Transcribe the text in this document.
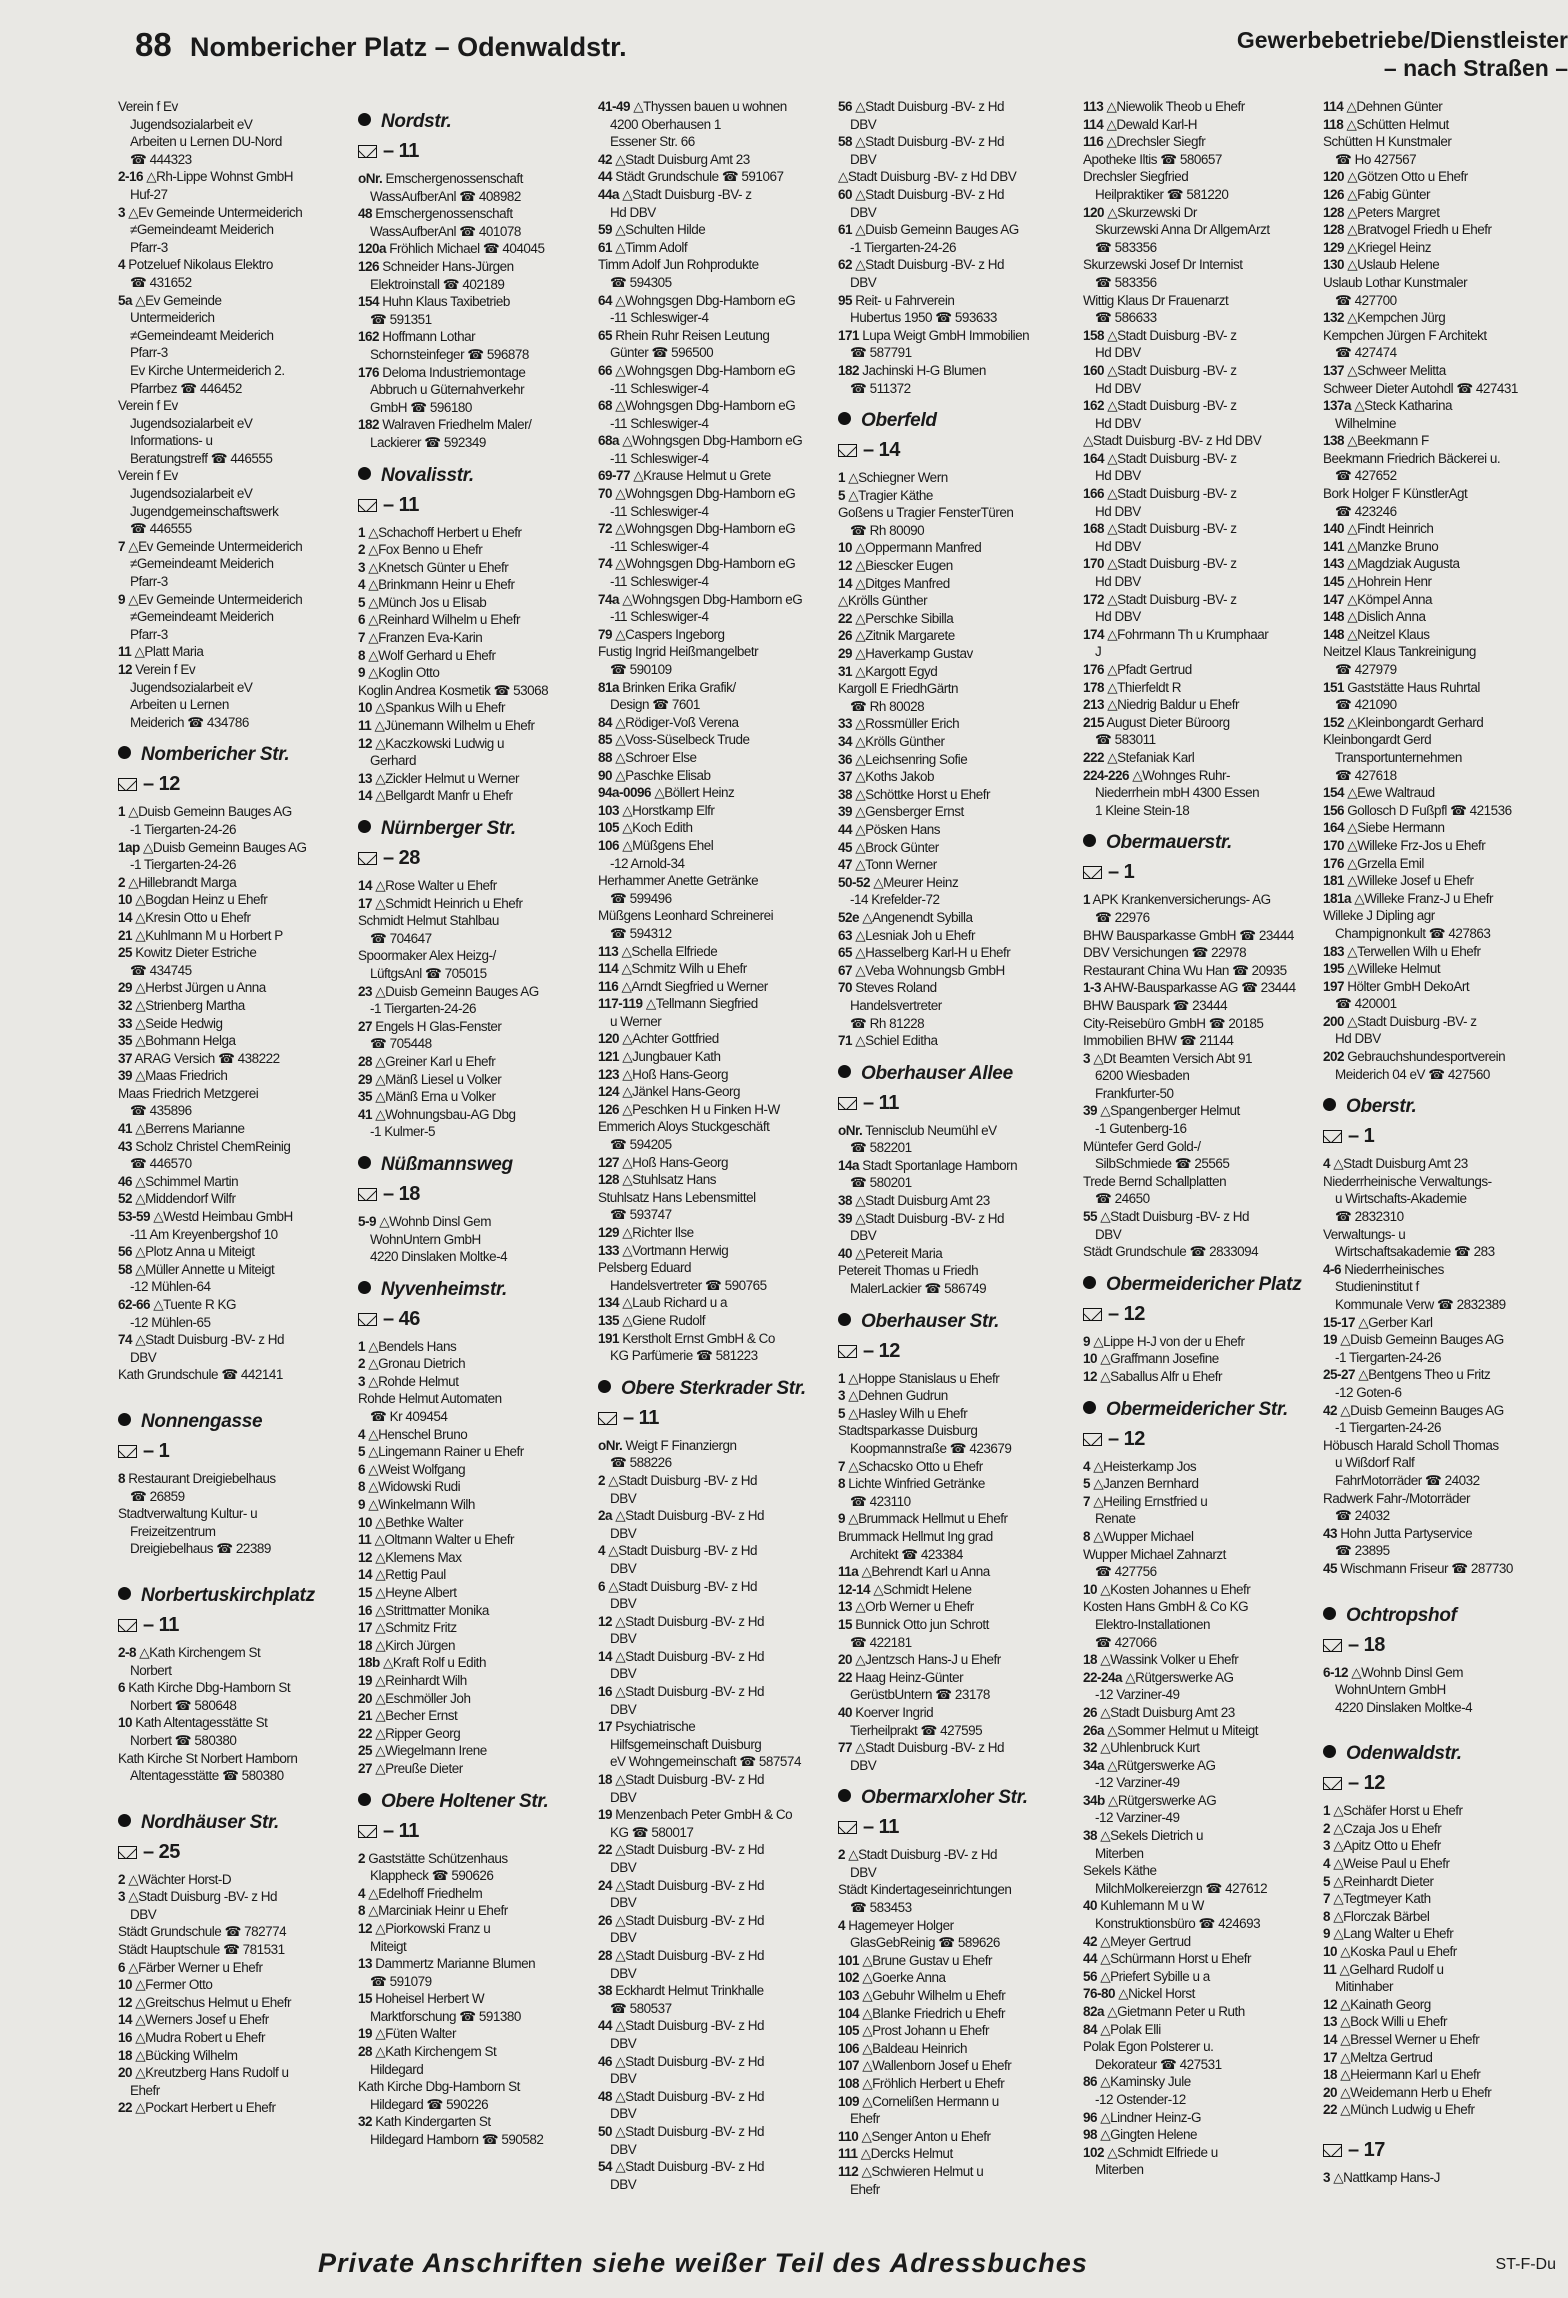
88 Nombericher Platz – Odenwaldstr.	Gewerbebetriebe/Dienstleister
– nach Straßen –
Verein f Ev
Jugendsozialarbeit eV
Arbeiten u Lernen DU-Nord
☎ 444323
2-16 △Rh-Lippe Wohnst GmbH
Huf-27
3 △Ev Gemeinde Untermeiderich
≠Gemeindeamt Meiderich
Pfarr-3
4 Potzeluef Nikolaus Elektro
☎ 431652
5a △Ev Gemeinde
Untermeiderich
≠Gemeindeamt Meiderich
Pfarr-3
Ev Kirche Untermeiderich 2.
Pfarrbez ☎ 446452
Verein f Ev
Jugendsozialarbeit eV
Informations- u
Beratungstreff ☎ 446555
Verein f Ev
Jugendsozialarbeit eV
Jugendgemeinschaftswerk
☎ 446555
7 △Ev Gemeinde Untermeiderich
≠Gemeindeamt Meiderich
Pfarr-3
9 △Ev Gemeinde Untermeiderich
≠Gemeindeamt Meiderich
Pfarr-3
11 △Platt Maria
12 Verein f Ev
Jugendsozialarbeit eV
Arbeiten u Lernen
Meiderich ☎ 434786
Nombericher Str.
– 12
1 △Duisb Gemeinn Bauges AG
-1 Tiergarten-24-26
1ap △Duisb Gemeinn Bauges AG
-1 Tiergarten-24-26
2 △Hillebrandt Marga
10 △Bogdan Heinz u Ehefr
14 △Kresin Otto u Ehefr
21 △Kuhlmann M u Horbert P
25 Kowitz Dieter Estriche
☎ 434745
29 △Herbst Jürgen u Anna
32 △Strienberg Martha
33 △Seide Hedwig
35 △Bohmann Helga
37 ARAG Versich ☎ 438222
39 △Maas Friedrich
Maas Friedrich Metzgerei
☎ 435896
41 △Berrens Marianne
43 Scholz Christel ChemReinig
☎ 446570
46 △Schimmel Martin
52 △Middendorf Wilfr
53-59 △Westd Heimbau GmbH
-11 Am Kreyenbergshof 10
56 △Plotz Anna u Miteigt
58 △Müller Annette u Miteigt
-12 Mühlen-64
62-66 △Tuente R KG
-12 Mühlen-65
74 △Stadt Duisburg -BV- z Hd
DBV
Kath Grundschule ☎ 442141
Nonnengasse
– 1
8 Restaurant Dreigiebelhaus
☎ 26859
Stadtverwaltung Kultur- u
Freizeitzentrum
Dreigiebelhaus ☎ 22389
Norbertuskirchplatz
– 11
2-8 △Kath Kirchengem St
Norbert
6 Kath Kirche Dbg-Hamborn St
Norbert ☎ 580648
10 Kath Altentagesstätte St
Norbert ☎ 580380
Kath Kirche St Norbert Hamborn
Altentagesstätte ☎ 580380
Nordhäuser Str.
– 25
2 △Wächter Horst-D
3 △Stadt Duisburg -BV- z Hd
DBV
Städt Grundschule ☎ 782774
Städt Hauptschule ☎ 781531
6 △Färber Werner u Ehefr
10 △Fermer Otto
12 △Greitschus Helmut u Ehefr
14 △Werners Josef u Ehefr
16 △Mudra Robert u Ehefr
18 △Bücking Wilhelm
20 △Kreutzberg Hans Rudolf u
Ehefr
22 △Pockart Herbert u Ehefr
Nordstr.
– 11
oNr. Emschergenossenschaft
WassAufberAnl ☎ 408982
48 Emschergenossenschaft
WassAufberAnl ☎ 401078
120a Fröhlich Michael ☎ 404045
126 Schneider Hans-Jürgen
Elektroinstall ☎ 402189
154 Huhn Klaus Taxibetrieb
☎ 591351
162 Hoffmann Lothar
Schornsteinfeger ☎ 596878
176 Deloma Industriemontage
Abbruch u Güternahverkehr
GmbH ☎ 596180
182 Walraven Friedhelm Maler/
Lackierer ☎ 592349
Novalisstr.
– 11
1 △Schachoff Herbert u Ehefr
2 △Fox Benno u Ehefr
3 △Knetsch Günter u Ehefr
4 △Brinkmann Heinr u Ehefr
5 △Münch Jos u Elisab
6 △Reinhard Wilhelm u Ehefr
7 △Franzen Eva-Karin
8 △Wolf Gerhard u Ehefr
9 △Koglin Otto
Koglin Andrea Kosmetik ☎ 53068
10 △Spankus Wilh u Ehefr
11 △Jünemann Wilhelm u Ehefr
12 △Kaczkowski Ludwig u
Gerhard
13 △Zickler Helmut u Werner
14 △Bellgardt Manfr u Ehefr
Nürnberger Str.
– 28
14 △Rose Walter u Ehefr
17 △Schmidt Heinrich u Ehefr
Schmidt Helmut Stahlbau
☎ 704647
Spoormaker Alex Heizg-/
LüftgsAnl ☎ 705015
23 △Duisb Gemeinn Bauges AG
-1 Tiergarten-24-26
27 Engels H Glas-Fenster
☎ 705448
28 △Greiner Karl u Ehefr
29 △Mänß Liesel u Volker
35 △Mänß Erna u Volker
41 △Wohnungsbau-AG Dbg
-1 Kulmer-5
Nüßmannsweg
– 18
5-9 △Wohnb Dinsl Gem
WohnUntern GmbH
4220 Dinslaken Moltke-4
Nyvenheimstr.
– 46
1 △Bendels Hans
2 △Gronau Dietrich
3 △Rohde Helmut
Rohde Helmut Automaten
☎ Kr 409454
4 △Henschel Bruno
5 △Lingemann Rainer u Ehefr
6 △Weist Wolfgang
8 △Widowski Rudi
9 △Winkelmann Wilh
10 △Bethke Walter
11 △Oltmann Walter u Ehefr
12 △Klemens Max
14 △Rettig Paul
15 △Heyne Albert
16 △Strittmatter Monika
17 △Schmitz Fritz
18 △Kirch Jürgen
18b △Kraft Rolf u Edith
19 △Reinhardt Wilh
20 △Eschmöller Joh
21 △Becher Ernst
22 △Ripper Georg
25 △Wiegelmann Irene
27 △Preuße Dieter
Obere Holtener Str.
– 11
2 Gaststätte Schützenhaus
Klappheck ☎ 590626
4 △Edelhoff Friedhelm
8 △Marciniak Heinr u Ehefr
12 △Piorkowski Franz u
Miteigt
13 Dammertz Marianne Blumen
☎ 591079
15 Hoheisel Herbert W
Marktforschung ☎ 591380
19 △Füten Walter
28 △Kath Kirchengem St
Hildegard
Kath Kirche Dbg-Hamborn St
Hildegard ☎ 590226
32 Kath Kindergarten St
Hildegard Hamborn ☎ 590582
41-49 △Thyssen bauen u wohnen
4200 Oberhausen 1
Essener Str. 66
42 △Stadt Duisburg Amt 23
44 Städt Grundschule ☎ 591067
44a △Stadt Duisburg -BV- z
Hd DBV
59 △Schulten Hilde
61 △Timm Adolf
Timm Adolf Jun Rohprodukte
☎ 594305
64 △Wohngsgen Dbg-Hamborn eG
-11 Schleswiger-4
65 Rhein Ruhr Reisen Leutung
Günter ☎ 596500
66 △Wohngsgen Dbg-Hamborn eG
-11 Schleswiger-4
68 △Wohngsgen Dbg-Hamborn eG
-11 Schleswiger-4
68a △Wohngsgen Dbg-Hamborn eG
-11 Schleswiger-4
69-77 △Krause Helmut u Grete
70 △Wohngsgen Dbg-Hamborn eG
-11 Schleswiger-4
72 △Wohngsgen Dbg-Hamborn eG
-11 Schleswiger-4
74 △Wohngsgen Dbg-Hamborn eG
-11 Schleswiger-4
74a △Wohngsgen Dbg-Hamborn eG
-11 Schleswiger-4
79 △Caspers Ingeborg
Fustig Ingrid Heißmangelbetr
☎ 590109
81a Brinken Erika Grafik/
Design ☎ 7601
84 △Rödiger-Voß Verena
85 △Voss-Süselbeck Trude
88 △Schroer Else
90 △Paschke Elisab
94a-0096 △Böllert Heinz
103 △Horstkamp Elfr
105 △Koch Edith
106 △Müßgens Ehel
-12 Arnold-34
Herhammer Anette Getränke
☎ 599496
Müßgens Leonhard Schreinerei
☎ 594312
113 △Schella Elfriede
114 △Schmitz Wilh u Ehefr
116 △Arndt Siegfried u Werner
117-119 △Tellmann Siegfried
u Werner
120 △Achter Gottfried
121 △Jungbauer Kath
123 △Hoß Hans-Georg
124 △Jänkel Hans-Georg
126 △Peschken H u Finken H-W
Emmerich Aloys Stuckgeschäft
☎ 594205
127 △Hoß Hans-Georg
128 △Stuhlsatz Hans
Stuhlsatz Hans Lebensmittel
☎ 593747
129 △Richter Ilse
133 △Vortmann Herwig
Pelsberg Eduard
Handelsvertreter ☎ 590765
134 △Laub Richard u a
135 △Giene Rudolf
191 Kerstholt Ernst GmbH & Co
KG Parfümerie ☎ 581223
Obere Sterkrader Str.
– 11
oNr. Weigt F Finanziergn
☎ 588226
2 △Stadt Duisburg -BV- z Hd
DBV
2a △Stadt Duisburg -BV- z Hd
DBV
4 △Stadt Duisburg -BV- z Hd
DBV
6 △Stadt Duisburg -BV- z Hd
DBV
12 △Stadt Duisburg -BV- z Hd
DBV
14 △Stadt Duisburg -BV- z Hd
DBV
16 △Stadt Duisburg -BV- z Hd
DBV
17 Psychiatrische
Hilfsgemeinschaft Duisburg
eV Wohngemeinschaft ☎ 587574
18 △Stadt Duisburg -BV- z Hd
DBV
19 Menzenbach Peter GmbH & Co
KG ☎ 580017
22 △Stadt Duisburg -BV- z Hd
DBV
24 △Stadt Duisburg -BV- z Hd
DBV
26 △Stadt Duisburg -BV- z Hd
DBV
28 △Stadt Duisburg -BV- z Hd
DBV
38 Eckhardt Helmut Trinkhalle
☎ 580537
44 △Stadt Duisburg -BV- z Hd
DBV
46 △Stadt Duisburg -BV- z Hd
DBV
48 △Stadt Duisburg -BV- z Hd
DBV
50 △Stadt Duisburg -BV- z Hd
DBV
54 △Stadt Duisburg -BV- z Hd
DBV
56 △Stadt Duisburg -BV- z Hd
DBV
58 △Stadt Duisburg -BV- z Hd
DBV
△Stadt Duisburg -BV- z Hd DBV
60 △Stadt Duisburg -BV- z Hd
DBV
61 △Duisb Gemeinn Bauges AG
-1 Tiergarten-24-26
62 △Stadt Duisburg -BV- z Hd
DBV
95 Reit- u Fahrverein
Hubertus 1950 ☎ 593633
171 Lupa Weigt GmbH Immobilien
☎ 587791
182 Jachinski H-G Blumen
☎ 511372
Oberfeld
– 14
1 △Schiegner Wern
5 △Tragier Käthe
Goßens u Tragier FensterTüren
☎ Rh 80090
10 △Oppermann Manfred
12 △Biescker Eugen
14 △Ditges Manfred
△Krölls Günther
22 △Perschke Sibilla
26 △Zitnik Margarete
29 △Haverkamp Gustav
31 △Kargott Egyd
Kargoll E FriedhGärtn
☎ Rh 80028
33 △Rossmüller Erich
34 △Krölls Günther
36 △Leichsenring Sofie
37 △Koths Jakob
38 △Schöttke Horst u Ehefr
39 △Gensberger Ernst
44 △Pösken Hans
45 △Brock Günter
47 △Tonn Werner
50-52 △Meurer Heinz
-14 Krefelder-72
52e △Angenendt Sybilla
63 △Lesniak Joh u Ehefr
65 △Hasselberg Karl-H u Ehefr
67 △Veba Wohnungsb GmbH
70 Steves Roland
Handelsvertreter
☎ Rh 81228
71 △Schiel Editha
Oberhauser Allee
– 11
oNr. Tennisclub Neumühl eV
☎ 582201
14a Stadt Sportanlage Hamborn
☎ 580201
38 △Stadt Duisburg Amt 23
39 △Stadt Duisburg -BV- z Hd
DBV
40 △Petereit Maria
Petereit Thomas u Friedh
MalerLackier ☎ 586749
Oberhauser Str.
– 12
1 △Hoppe Stanislaus u Ehefr
3 △Dehnen Gudrun
5 △Hasley Wilh u Ehefr
Stadtsparkasse Duisburg
Koopmannstraße ☎ 423679
7 △Schacsko Otto u Ehefr
8 Lichte Winfried Getränke
☎ 423110
9 △Brummack Hellmut u Ehefr
Brummack Hellmut Ing grad
Architekt ☎ 423384
11a △Behrendt Karl u Anna
12-14 △Schmidt Helene
13 △Orb Werner u Ehefr
15 Bunnick Otto jun Schrott
☎ 422181
20 △Jentzsch Hans-J u Ehefr
22 Haag Heinz-Günter
GerüstbUntern ☎ 23178
40 Koerver Ingrid
Tierheilprakt ☎ 427595
77 △Stadt Duisburg -BV- z Hd
DBV
Obermarxloher Str.
– 11
2 △Stadt Duisburg -BV- z Hd
DBV
Städt Kindertageseinrichtungen
☎ 583453
4 Hagemeyer Holger
GlasGebReinig ☎ 589626
101 △Brune Gustav u Ehefr
102 △Goerke Anna
103 △Gebuhr Wilhelm u Ehefr
104 △Blanke Friedrich u Ehefr
105 △Prost Johann u Ehefr
106 △Baldeau Heinrich
107 △Wallenborn Josef u Ehefr
108 △Fröhlich Herbert u Ehefr
109 △Cornelißen Hermann u
Ehefr
110 △Senger Anton u Ehefr
111 △Dercks Helmut
112 △Schwieren Helmut u
Ehefr
113 △Niewolik Theob u Ehefr
114 △Dewald Karl-H
116 △Drechsler Siegfr
Apotheke Iltis ☎ 580657
Drechsler Siegfried
Heilpraktiker ☎ 581220
120 △Skurzewski Dr
Skurzewski Anna Dr AllgemArzt
☎ 583356
Skurzewski Josef Dr Internist
☎ 583356
Wittig Klaus Dr Frauenarzt
☎ 586633
158 △Stadt Duisburg -BV- z
Hd DBV
160 △Stadt Duisburg -BV- z
Hd DBV
162 △Stadt Duisburg -BV- z
Hd DBV
△Stadt Duisburg -BV- z Hd DBV
164 △Stadt Duisburg -BV- z
Hd DBV
166 △Stadt Duisburg -BV- z
Hd DBV
168 △Stadt Duisburg -BV- z
Hd DBV
170 △Stadt Duisburg -BV- z
Hd DBV
172 △Stadt Duisburg -BV- z
Hd DBV
174 △Fohrmann Th u Krumphaar
J
176 △Pfadt Gertrud
178 △Thierfeldt R
213 △Niedrig Baldur u Ehefr
215 August Dieter Büroorg
☎ 583011
222 △Stefaniak Karl
224-226 △Wohnges Ruhr-
Niederrhein mbH 4300 Essen
1 Kleine Stein-18
Obermauerstr.
– 1
1 APK Krankenversicherungs- AG
☎ 22976
BHW Bausparkasse GmbH ☎ 23444
DBV Versichungen ☎ 22978
Restaurant China Wu Han ☎ 20935
1-3 AHW-Bausparkasse AG ☎ 23444
BHW Bauspark ☎ 23444
City-Reisebüro GmbH ☎ 20185
Immobilien BHW ☎ 21144
3 △Dt Beamten Versich Abt 91
6200 Wiesbaden
Frankfurter-50
39 △Spangenberger Helmut
-1 Gutenberg-16
Müntefer Gerd Gold-/
SilbSchmiede ☎ 25565
Trede Bernd Schallplatten
☎ 24650
55 △Stadt Duisburg -BV- z Hd
DBV
Städt Grundschule ☎ 2833094
Obermeidericher Platz
– 12
9 △Lippe H-J von der u Ehefr
10 △Graffmann Josefine
12 △Saballus Alfr u Ehefr
Obermeidericher Str.
– 12
4 △Heisterkamp Jos
5 △Janzen Bernhard
7 △Heiling Ernstfried u
Renate
8 △Wupper Michael
Wupper Michael Zahnarzt
☎ 427756
10 △Kosten Johannes u Ehefr
Kosten Hans GmbH & Co KG
Elektro-Installationen
☎ 427066
18 △Wassink Volker u Ehefr
22-24a △Rütgerswerke AG
-12 Varziner-49
26 △Stadt Duisburg Amt 23
26a △Sommer Helmut u Miteigt
32 △Uhlenbruck Kurt
34a △Rütgerswerke AG
-12 Varziner-49
34b △Rütgerswerke AG
-12 Varziner-49
38 △Sekels Dietrich u
Miterben
Sekels Käthe
MilchMolkereierzgn ☎ 427612
40 Kuhlemann M u W
Konstruktionsbüro ☎ 424693
42 △Meyer Gertrud
44 △Schürmann Horst u Ehefr
56 △Priefert Sybille u a
76-80 △Nickel Horst
82a △Gietmann Peter u Ruth
84 △Polak Elli
Polak Egon Polsterer u.
Dekorateur ☎ 427531
86 △Kaminsky Jule
-12 Ostender-12
96 △Lindner Heinz-G
98 △Gingten Helene
102 △Schmidt Elfriede u
Miterben
114 △Dehnen Günter
118 △Schütten Helmut
Schütten H Kunstmaler
☎ Ho 427567
120 △Götzen Otto u Ehefr
126 △Fabig Günter
128 △Peters Margret
128 △Bratvogel Friedh u Ehefr
129 △Kriegel Heinz
130 △Uslaub Helene
Uslaub Lothar Kunstmaler
☎ 427700
132 △Kempchen Jürg
Kempchen Jürgen F Architekt
☎ 427474
137 △Schweer Melitta
Schweer Dieter Autohdl ☎ 427431
137a △Steck Katharina
Wilhelmine
138 △Beekmann F
Beekmann Friedrich Bäckerei u.
☎ 427652
Bork Holger F KünstlerAgt
☎ 423246
140 △Findt Heinrich
141 △Manzke Bruno
143 △Magdziak Augusta
145 △Hohrein Henr
147 △Kömpel Anna
148 △Dislich Anna
148 △Neitzel Klaus
Neitzel Klaus Tankreinigung
☎ 427979
151 Gaststätte Haus Ruhrtal
☎ 421090
152 △Kleinbongardt Gerhard
Kleinbongardt Gerd
Transportunternehmen
☎ 427618
154 △Ewe Waltraud
156 Gollosch D Fußpfl ☎ 421536
164 △Siebe Hermann
170 △Willeke Frz-Jos u Ehefr
176 △Grzella Emil
181 △Willeke Josef u Ehefr
181a △Willeke Franz-J u Ehefr
Willeke J Dipling agr
Champignonkult ☎ 427863
183 △Terwellen Wilh u Ehefr
195 △Willeke Helmut
197 Hölter GmbH DekoArt
☎ 420001
200 △Stadt Duisburg -BV- z
Hd DBV
202 Gebrauchshundesportverein
Meiderich 04 eV ☎ 427560
Oberstr.
– 1
4 △Stadt Duisburg Amt 23
Niederrheinische Verwaltungs-
u Wirtschafts-Akademie
☎ 2832310
Verwaltungs- u
Wirtschaftsakademie ☎ 283
4-6 Niederrheinisches
Studieninstitut f
Kommunale Verw ☎ 2832389
15-17 △Gerber Karl
19 △Duisb Gemeinn Bauges AG
-1 Tiergarten-24-26
25-27 △Bentgens Theo u Fritz
-12 Goten-6
42 △Duisb Gemeinn Bauges AG
-1 Tiergarten-24-26
Höbusch Harald Scholl Thomas
u Wißdorf Ralf
FahrMotorräder ☎ 24032
Radwerk Fahr-/Motorräder
☎ 24032
43 Hohn Jutta Partyservice
☎ 23895
45 Wischmann Friseur ☎ 287730
Ochtropshof
– 18
6-12 △Wohnb Dinsl Gem
WohnUntern GmbH
4220 Dinslaken Moltke-4
Odenwaldstr.
– 12
1 △Schäfer Horst u Ehefr
2 △Czaja Jos u Ehefr
3 △Apitz Otto u Ehefr
4 △Weise Paul u Ehefr
5 △Reinhardt Dieter
7 △Tegtmeyer Kath
8 △Florczak Bärbel
9 △Lang Walter u Ehefr
10 △Koska Paul u Ehefr
11 △Gelhard Rudolf u
Mitinhaber
12 △Kainath Georg
13 △Bock Willi u Ehefr
14 △Bressel Werner u Ehefr
17 △Meltza Gertrud
18 △Heiermann Karl u Ehefr
20 △Weidemann Herb u Ehefr
22 △Münch Ludwig u Ehefr
– 17
3 △Nattkamp Hans-J
Private Anschriften siehe weißer Teil des Adressbuches	ST-F-Du
